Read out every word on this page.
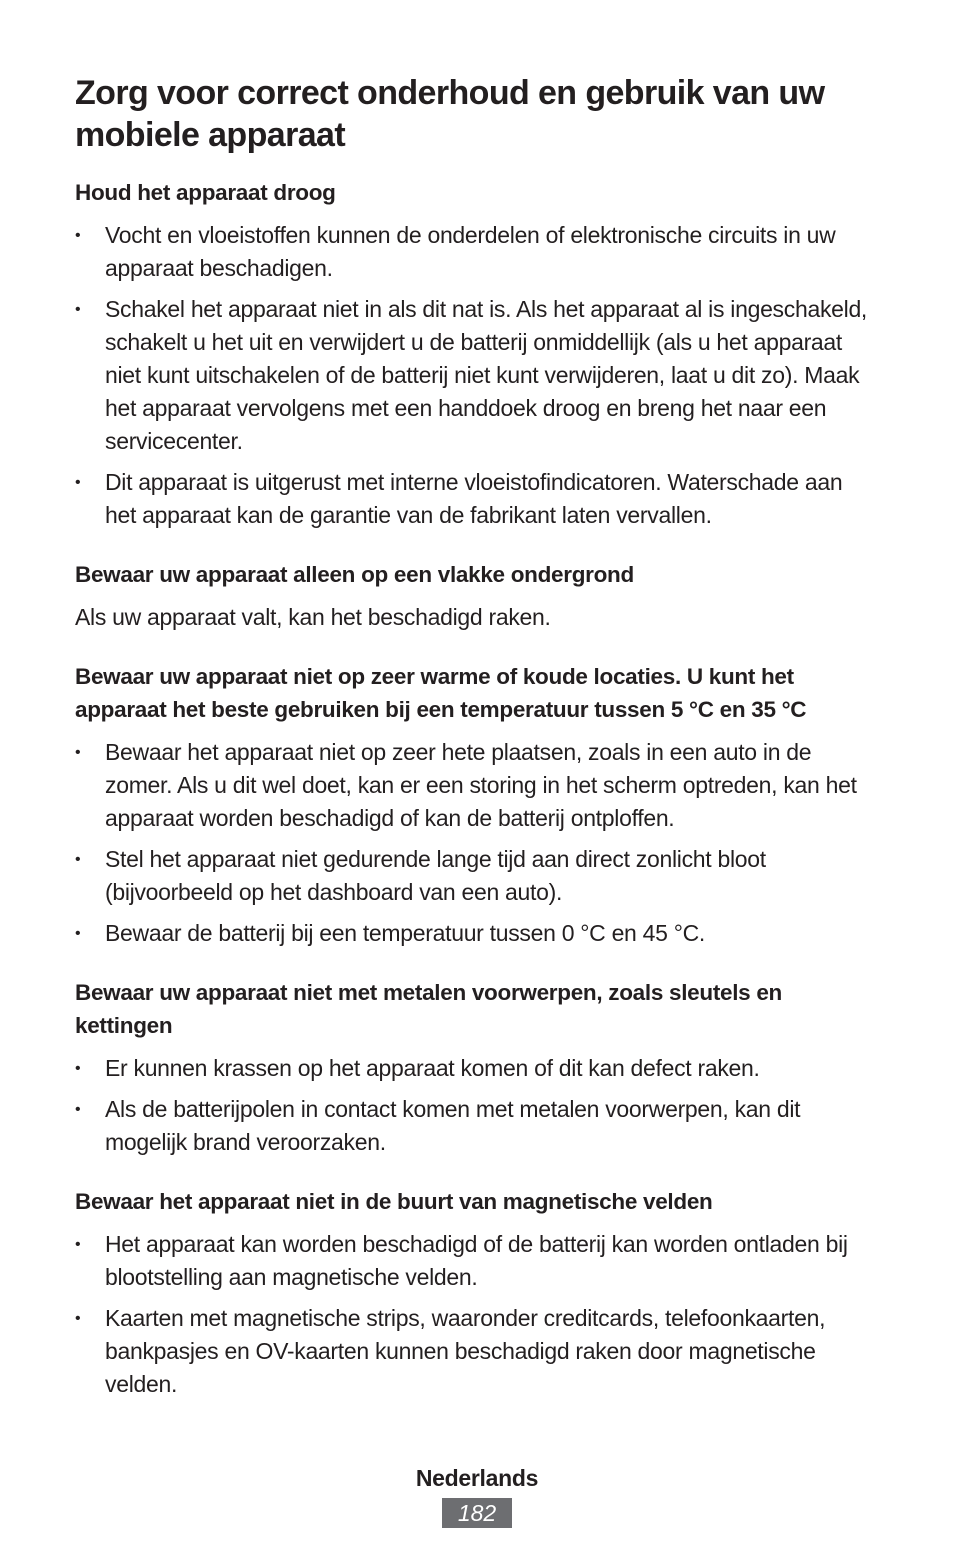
Zorg voor correct onderhoud en gebruik van uw mobiele apparaat
Houd het apparaat droog
• Vocht en vloeistoffen kunnen de onderdelen of elektronische circuits in uw apparaat beschadigen.
• Schakel het apparaat niet in als dit nat is. Als het apparaat al is ingeschakeld, schakelt u het uit en verwijdert u de batterij onmiddellijk (als u het apparaat niet kunt uitschakelen of de batterij niet kunt verwijderen, laat u dit zo). Maak het apparaat vervolgens met een handdoek droog en breng het naar een servicecenter.
• Dit apparaat is uitgerust met interne vloeistofindicatoren. Waterschade aan het apparaat kan de garantie van de fabrikant laten vervallen.
Bewaar uw apparaat alleen op een vlakke ondergrond

Als uw apparaat valt, kan het beschadigd raken.

Bewaar uw apparaat niet op zeer warme of koude locaties. U kunt het apparaat het beste gebruiken bij een temperatuur tussen 5 °C en 35 °C
• Bewaar het apparaat niet op zeer hete plaatsen, zoals in een auto in de zomer. Als u dit wel doet, kan er een storing in het scherm optreden, kan het apparaat worden beschadigd of kan de batterij ontploffen.
• Stel het apparaat niet gedurende lange tijd aan direct zonlicht bloot (bijvoorbeeld op het dashboard van een auto).
• Bewaar de batterij bij een temperatuur tussen 0 °C en 45 °C.
Bewaar uw apparaat niet met metalen voorwerpen, zoals sleutels en kettingen
• Er kunnen krassen op het apparaat komen of dit kan defect raken.
• Als de batterijpolen in contact komen met metalen voorwerpen, kan dit mogelijk brand veroorzaken.
Bewaar het apparaat niet in de buurt van magnetische velden
• Het apparaat kan worden beschadigd of de batterij kan worden ontladen bij blootstelling aan magnetische velden.
• Kaarten met magnetische strips, waaronder creditcards, telefoonkaarten, bankpasjes en OV-kaarten kunnen beschadigd raken door magnetische velden.
Nederlands
182
